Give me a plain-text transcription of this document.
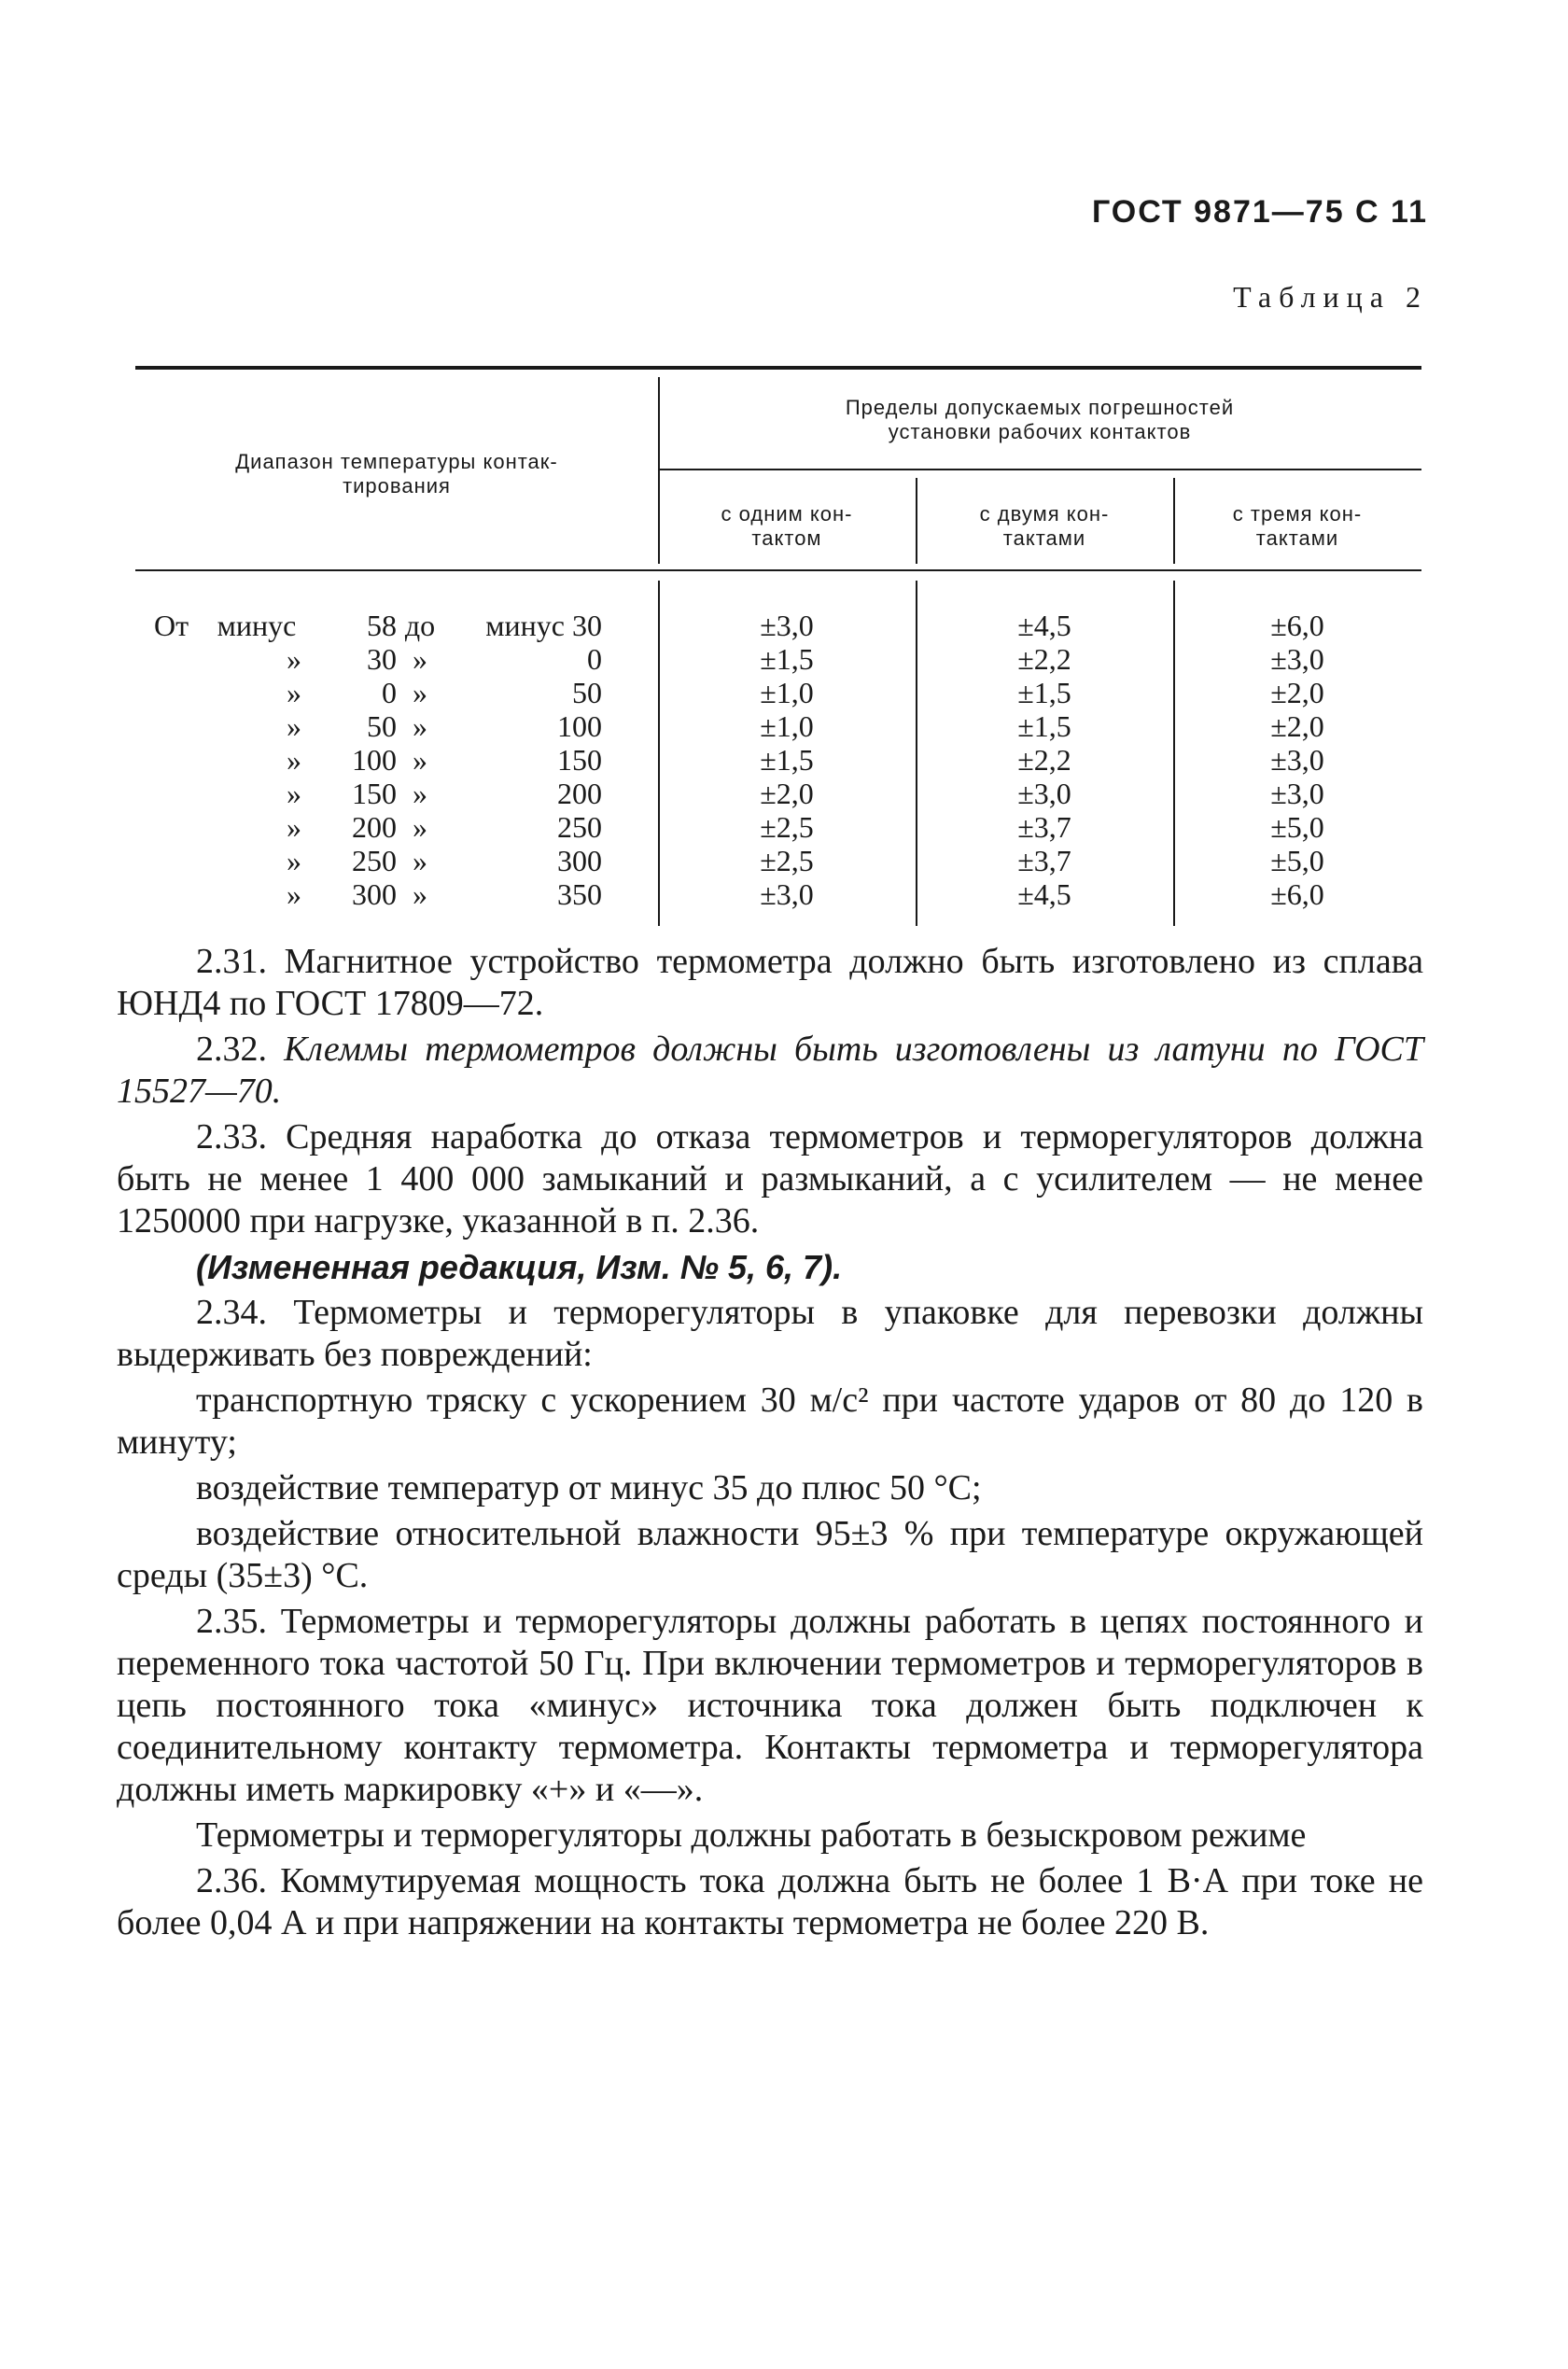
ГОСТ 9871—75 С 11
Таблица 2
Диапазон температуры контак-
тирования
Пределы допускаемых погрешностей
установки рабочих контактов
с одним кон-
тактом
с двумя кон-
тактами
с тремя кон-
тактами
От минус	58 до	минус 30	±3,0	±4,5	±6,0
»	30 »	0	±1,5	±2,2	±3,0
»	0 »	50	±1,0	±1,5	±2,0
»	50 »	100	±1,0	±1,5	±2,0
»	100 »	150	±1,5	±2,2	±3,0
»	150 »	200	±2,0	±3,0	±3,0
»	200 »	250	±2,5	±3,7	±5,0
»	250 »	300	±2,5	±3,7	±5,0
»	300 »	350	±3,0	±4,5	±6,0

2.31. Магнитное устройство термометра должно быть изготовлено из сплава ЮНД4 по ГОСТ 17809—72.

2.32. Клеммы термометров должны быть изготовлены из латуни по ГОСТ 15527—70.

2.33. Средняя наработка до отказа термометров и терморегуляторов должна быть не менее 1 400 000 замыканий и размыканий, а с усилителем — не менее 1250000 при нагрузке, указанной в п. 2.36.

(Измененная редакция, Изм. № 5, 6, 7).

2.34. Термометры и терморегуляторы в упаковке для перевозки должны выдерживать без повреждений:

транспортную тряску с ускорением 30 м/с² при частоте ударов от 80 до 120 в минуту;

воздействие температур от минус 35 до плюс 50 °С;

воздействие относительной влажности 95±3 % при температуре окружающей среды (35±3) °С.

2.35. Термометры и терморегуляторы должны работать в цепях постоянного и переменного тока частотой 50 Гц. При включении термометров и терморегуляторов в цепь постоянного тока «минус» источника тока должен быть подключен к соединительному контакту термометра. Контакты термометра и терморегулятора должны иметь маркировку «+» и «—».

Термометры и терморегуляторы должны работать в безыскровом режиме

2.36. Коммутируемая мощность тока должна быть не более 1 В·А при токе не более 0,04 А и при напряжении на контакты термометра не более 220 В.
